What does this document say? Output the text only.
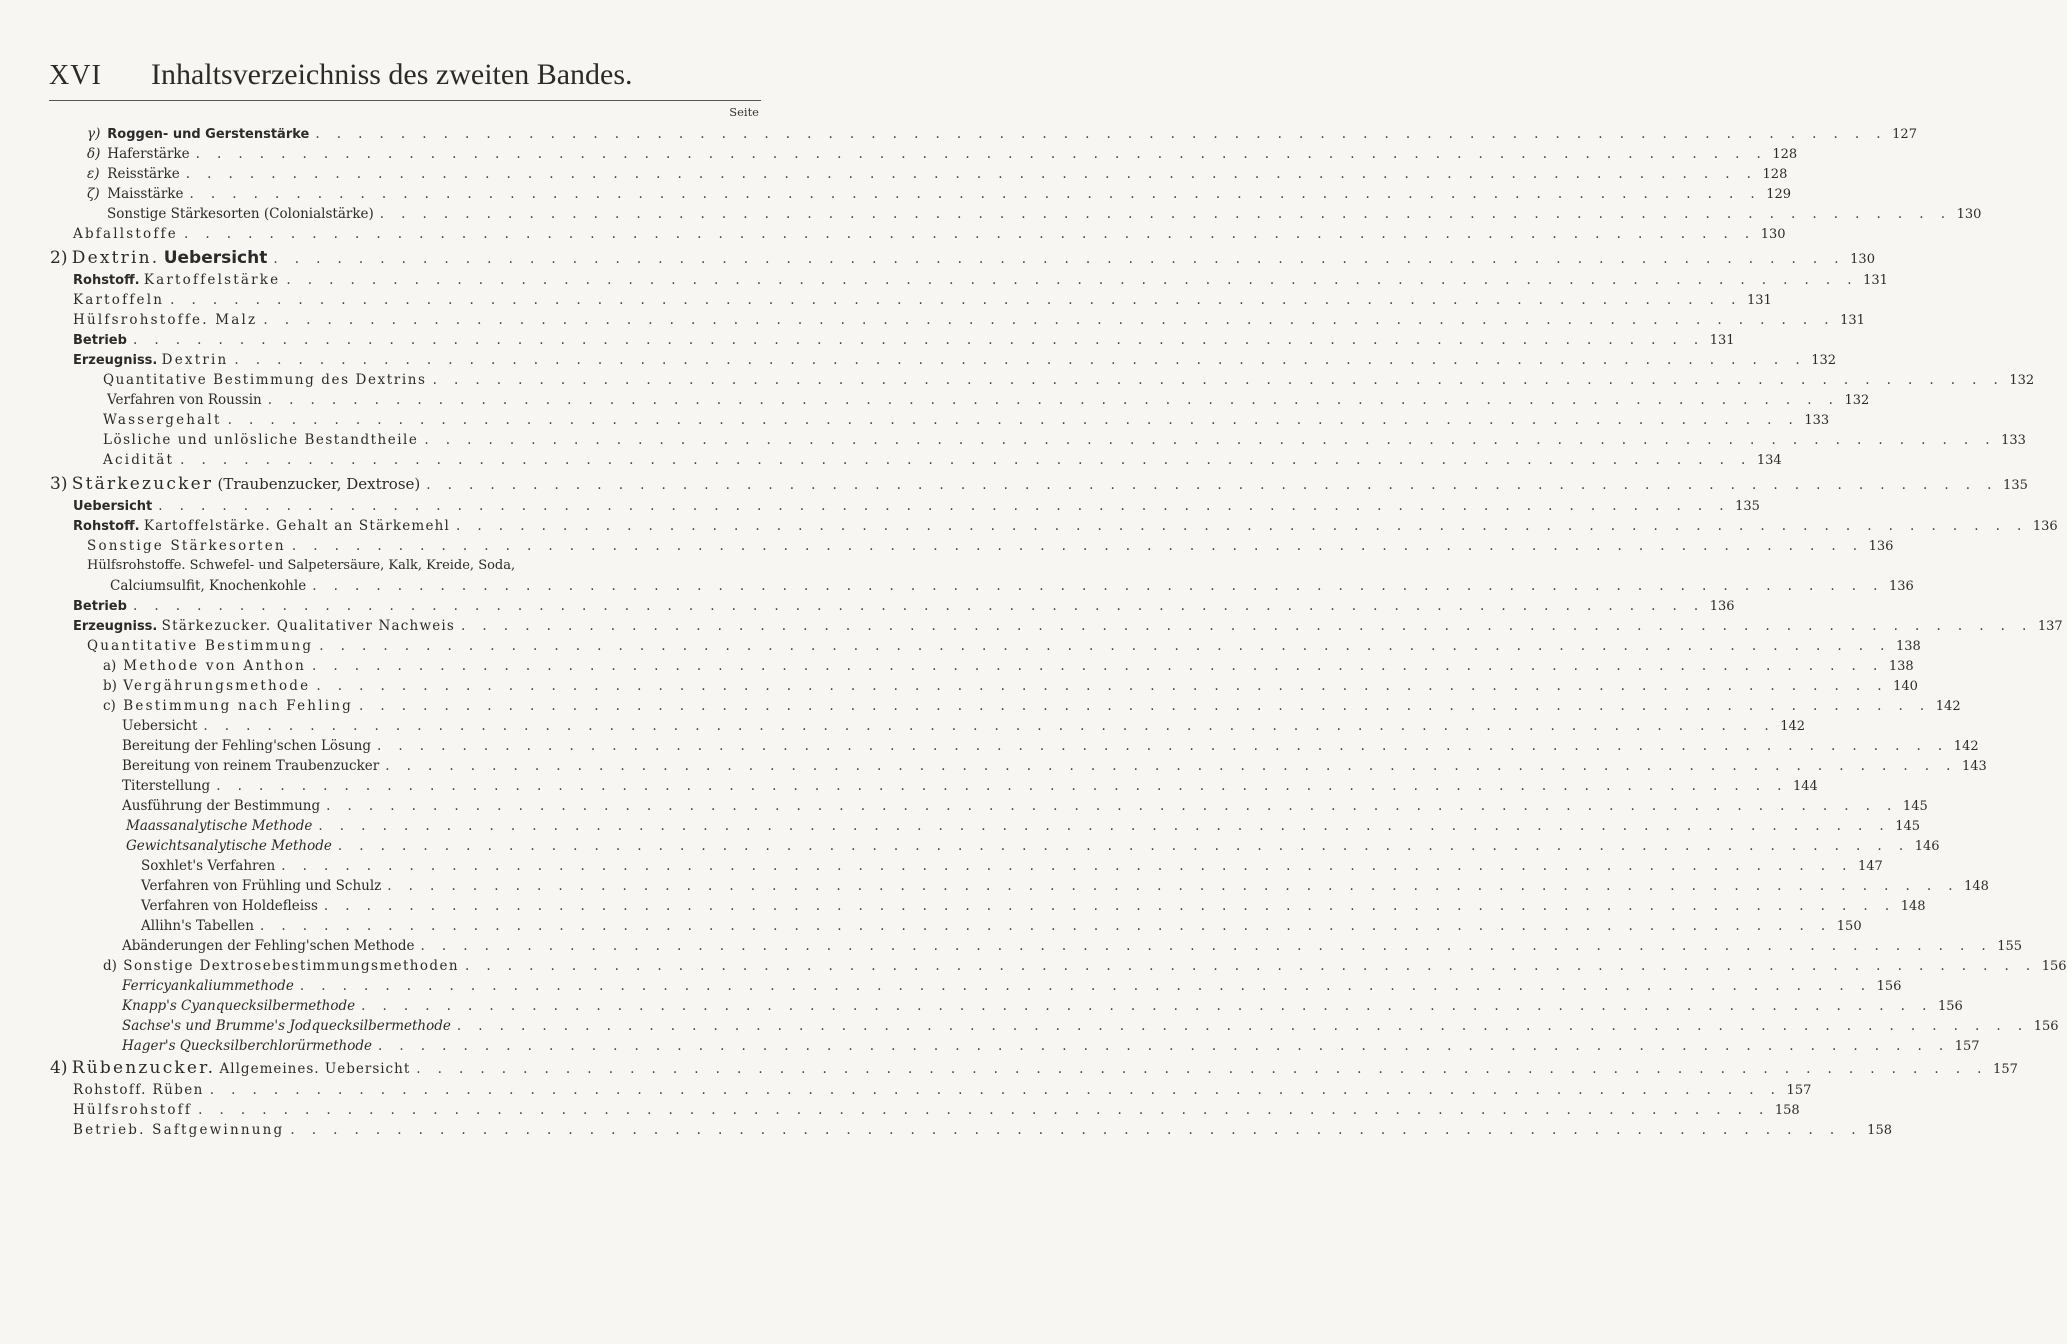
XVI Inhaltsverzeichniss des zweiten Bandes.
Seite
γ) Roggen- und Gerstenstärke . . . . . . . . . . . . . . . . . . . . . . . . . . . . . . . . . . . . . . . . . . . . . . . . . . . . . . . . . . . . . . . . . . . . . . . . . . 127
δ) Haferstärke . . . . . . . . . . . . . . . . . . . . . . . . . . . . . . . . . . . . . . . . . . . . . . . . . . . . . . . . . . . . . . . . . . . . . . . . . . 128
ε) Reisstärke . . . . . . . . . . . . . . . . . . . . . . . . . . . . . . . . . . . . . . . . . . . . . . . . . . . . . . . . . . . . . . . . . . . . . . . . . . 128
ζ) Maisstärke . . . . . . . . . . . . . . . . . . . . . . . . . . . . . . . . . . . . . . . . . . . . . . . . . . . . . . . . . . . . . . . . . . . . . . . . . . 129
Sonstige Stärkesorten (Colonialstärke) . . . . . . . . . . . . . . . . . . . . . . . . . . . . . . . . . . . . . . . . . . . . . . . . . . . . . . . . . . . . . . . . . . . . . . . . . . 130
Abfallstoffe . . . . . . . . . . . . . . . . . . . . . . . . . . . . . . . . . . . . . . . . . . . . . . . . . . . . . . . . . . . . . . . . . . . . . . . . . . 130
2) Dextrin. Uebersicht . . . . . . . . . . . . . . . . . . . . . . . . . . . . . . . . . . . . . . . . . . . . . . . . . . . . . . . . . . . . . . . . . . . . . . . . . . 130
Rohstoff. Kartoffelstärke . . . . . . . . . . . . . . . . . . . . . . . . . . . . . . . . . . . . . . . . . . . . . . . . . . . . . . . . . . . . . . . . . . . . . . . . . . 131
Kartoffeln . . . . . . . . . . . . . . . . . . . . . . . . . . . . . . . . . . . . . . . . . . . . . . . . . . . . . . . . . . . . . . . . . . . . . . . . . . 131
Hülfsrohstoffe. Malz . . . . . . . . . . . . . . . . . . . . . . . . . . . . . . . . . . . . . . . . . . . . . . . . . . . . . . . . . . . . . . . . . . . . . . . . . . 131
Betrieb . . . . . . . . . . . . . . . . . . . . . . . . . . . . . . . . . . . . . . . . . . . . . . . . . . . . . . . . . . . . . . . . . . . . . . . . . . 131
Erzeugniss. Dextrin . . . . . . . . . . . . . . . . . . . . . . . . . . . . . . . . . . . . . . . . . . . . . . . . . . . . . . . . . . . . . . . . . . . . . . . . . . 132
Quantitative Bestimmung des Dextrins . . . . . . . . . . . . . . . . . . . . . . . . . . . . . . . . . . . . . . . . . . . . . . . . . . . . . . . . . . . . . . . . . . . . . . . . . . 132
Verfahren von Roussin . . . . . . . . . . . . . . . . . . . . . . . . . . . . . . . . . . . . . . . . . . . . . . . . . . . . . . . . . . . . . . . . . . . . . . . . . . 132
Wassergehalt . . . . . . . . . . . . . . . . . . . . . . . . . . . . . . . . . . . . . . . . . . . . . . . . . . . . . . . . . . . . . . . . . . . . . . . . . . 133
Lösliche und unlösliche Bestandtheile . . . . . . . . . . . . . . . . . . . . . . . . . . . . . . . . . . . . . . . . . . . . . . . . . . . . . . . . . . . . . . . . . . . . . . . . . . 133
Acidität . . . . . . . . . . . . . . . . . . . . . . . . . . . . . . . . . . . . . . . . . . . . . . . . . . . . . . . . . . . . . . . . . . . . . . . . . . 134
3) Stärkezucker (Traubenzucker, Dextrose) . . . . . . . . . . . . . . . . . . . . . . . . . . . . . . . . . . . . . . . . . . . . . . . . . . . . . . . . . . . . . . . . . . . . . . . . . . 135
Uebersicht . . . . . . . . . . . . . . . . . . . . . . . . . . . . . . . . . . . . . . . . . . . . . . . . . . . . . . . . . . . . . . . . . . . . . . . . . . 135
Rohstoff. Kartoffelstärke. Gehalt an Stärkemehl . . . . . . . . . . . . . . . . . . . . . . . . . . . . . . . . . . . . . . . . . . . . . . . . . . . . . . . . . . . . . . . . . . . . . . . . . . 136
Sonstige Stärkesorten . . . . . . . . . . . . . . . . . . . . . . . . . . . . . . . . . . . . . . . . . . . . . . . . . . . . . . . . . . . . . . . . . . . . . . . . . . 136
Hülfsrohstoffe. Schwefel- und Salpetersäure, Kalk, Kreide, Soda,
Calciumsulfit, Knochenkohle . . . . . . . . . . . . . . . . . . . . . . . . . . . . . . . . . . . . . . . . . . . . . . . . . . . . . . . . . . . . . . . . . . . . . . . . . . 136
Betrieb . . . . . . . . . . . . . . . . . . . . . . . . . . . . . . . . . . . . . . . . . . . . . . . . . . . . . . . . . . . . . . . . . . . . . . . . . . 136
Erzeugniss. Stärkezucker. Qualitativer Nachweis . . . . . . . . . . . . . . . . . . . . . . . . . . . . . . . . . . . . . . . . . . . . . . . . . . . . . . . . . . . . . . . . . . . . . . . . . . 137
Quantitative Bestimmung . . . . . . . . . . . . . . . . . . . . . . . . . . . . . . . . . . . . . . . . . . . . . . . . . . . . . . . . . . . . . . . . . . . . . . . . . . 138
a) Methode von Anthon . . . . . . . . . . . . . . . . . . . . . . . . . . . . . . . . . . . . . . . . . . . . . . . . . . . . . . . . . . . . . . . . . . . . . . . . . . 138
b) Vergährungsmethode . . . . . . . . . . . . . . . . . . . . . . . . . . . . . . . . . . . . . . . . . . . . . . . . . . . . . . . . . . . . . . . . . . . . . . . . . . 140
c) Bestimmung nach Fehling . . . . . . . . . . . . . . . . . . . . . . . . . . . . . . . . . . . . . . . . . . . . . . . . . . . . . . . . . . . . . . . . . . . . . . . . . . 142
Uebersicht . . . . . . . . . . . . . . . . . . . . . . . . . . . . . . . . . . . . . . . . . . . . . . . . . . . . . . . . . . . . . . . . . . . . . . . . . . 142
Bereitung der Fehling'schen Lösung . . . . . . . . . . . . . . . . . . . . . . . . . . . . . . . . . . . . . . . . . . . . . . . . . . . . . . . . . . . . . . . . . . . . . . . . . . 142
Bereitung von reinem Traubenzucker . . . . . . . . . . . . . . . . . . . . . . . . . . . . . . . . . . . . . . . . . . . . . . . . . . . . . . . . . . . . . . . . . . . . . . . . . . 143
Titerstellung . . . . . . . . . . . . . . . . . . . . . . . . . . . . . . . . . . . . . . . . . . . . . . . . . . . . . . . . . . . . . . . . . . . . . . . . . . 144
Ausführung der Bestimmung . . . . . . . . . . . . . . . . . . . . . . . . . . . . . . . . . . . . . . . . . . . . . . . . . . . . . . . . . . . . . . . . . . . . . . . . . . 145
Maassanalytische Methode . . . . . . . . . . . . . . . . . . . . . . . . . . . . . . . . . . . . . . . . . . . . . . . . . . . . . . . . . . . . . . . . . . . . . . . . . . 145
Gewichtsanalytische Methode . . . . . . . . . . . . . . . . . . . . . . . . . . . . . . . . . . . . . . . . . . . . . . . . . . . . . . . . . . . . . . . . . . . . . . . . . . 146
Soxhlet's Verfahren . . . . . . . . . . . . . . . . . . . . . . . . . . . . . . . . . . . . . . . . . . . . . . . . . . . . . . . . . . . . . . . . . . . . . . . . . . 147
Verfahren von Frühling und Schulz . . . . . . . . . . . . . . . . . . . . . . . . . . . . . . . . . . . . . . . . . . . . . . . . . . . . . . . . . . . . . . . . . . . . . . . . . . 148
Verfahren von Holdefleiss . . . . . . . . . . . . . . . . . . . . . . . . . . . . . . . . . . . . . . . . . . . . . . . . . . . . . . . . . . . . . . . . . . . . . . . . . . 148
Allihn's Tabellen . . . . . . . . . . . . . . . . . . . . . . . . . . . . . . . . . . . . . . . . . . . . . . . . . . . . . . . . . . . . . . . . . . . . . . . . . . 150
Abänderungen der Fehling'schen Methode . . . . . . . . . . . . . . . . . . . . . . . . . . . . . . . . . . . . . . . . . . . . . . . . . . . . . . . . . . . . . . . . . . . . . . . . . . 155
d) Sonstige Dextrosebestimmungsmethoden . . . . . . . . . . . . . . . . . . . . . . . . . . . . . . . . . . . . . . . . . . . . . . . . . . . . . . . . . . . . . . . . . . . . . . . . . . 156
Ferricyankaliummethode . . . . . . . . . . . . . . . . . . . . . . . . . . . . . . . . . . . . . . . . . . . . . . . . . . . . . . . . . . . . . . . . . . . . . . . . . . 156
Knapp's Cyanquecksilbermethode . . . . . . . . . . . . . . . . . . . . . . . . . . . . . . . . . . . . . . . . . . . . . . . . . . . . . . . . . . . . . . . . . . . . . . . . . . 156
Sachse's und Brumme's Jodquecksilbermethode . . . . . . . . . . . . . . . . . . . . . . . . . . . . . . . . . . . . . . . . . . . . . . . . . . . . . . . . . . . . . . . . . . . . . . . . . . 156
Hager's Quecksilberchlorürmethode . . . . . . . . . . . . . . . . . . . . . . . . . . . . . . . . . . . . . . . . . . . . . . . . . . . . . . . . . . . . . . . . . . . . . . . . . . 157
4) Rübenzucker. Allgemeines. Uebersicht . . . . . . . . . . . . . . . . . . . . . . . . . . . . . . . . . . . . . . . . . . . . . . . . . . . . . . . . . . . . . . . . . . . . . . . . . . 157
Rohstoff. Rüben . . . . . . . . . . . . . . . . . . . . . . . . . . . . . . . . . . . . . . . . . . . . . . . . . . . . . . . . . . . . . . . . . . . . . . . . . . 157
Hülfsrohstoff . . . . . . . . . . . . . . . . . . . . . . . . . . . . . . . . . . . . . . . . . . . . . . . . . . . . . . . . . . . . . . . . . . . . . . . . . . 158
Betrieb. Saftgewinnung . . . . . . . . . . . . . . . . . . . . . . . . . . . . . . . . . . . . . . . . . . . . . . . . . . . . . . . . . . . . . . . . . . . . . . . . . . 158
